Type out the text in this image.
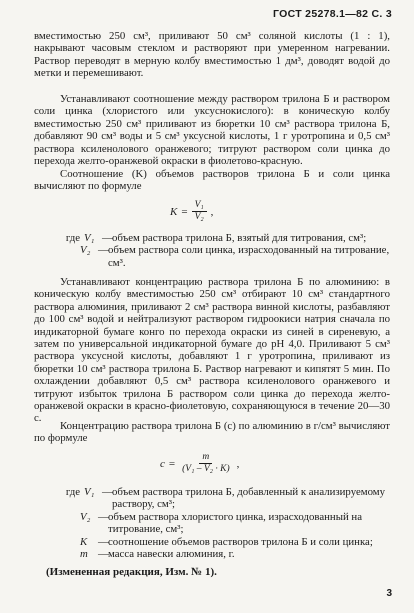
ГОСТ 25278.1—82 С. 3

вместимостью 250 см³, приливают 50 см³ соляной кислоты (1 : 1), накрывают часовым стеклом и растворяют при умеренном нагревании. Раствор переводят в мерную колбу вместимостью 1 дм³, доводят водой до метки и перемешивают.

Устанавливают соотношение между раствором трилона Б и раствором соли цинка (хлористого или уксуснокислого): в коническую колбу вместимостью 250 см³ приливают из бюретки 10 см³ раствора трилона Б, добавляют 90 см³ воды и 5 см³ уксусной кислоты, 1 г уротропина и 0,5 см³ раствора ксиленолового оранжевого; титруют раствором соли цинка до перехода желто-оранжевой окраски в фиолетово-красную.

Соотношение (K) объемов растворов трилона Б и соли цинка вычисляют по формуле

$K = \frac{\text{V₁}}{\text{V₂}}$ ,
где V₁ — объем раствора трилона Б, взятый для титрования, см³;
V₂ — объем раствора соли цинка, израсходованный на титрование, см³.

Устанавливают концентрацию раствора трилона Б по алюминию: в коническую колбу вместимостью 250 см³ отбирают 10 см³ стандартного раствора алюминия, приливают 2 см³ раствора винной кислоты, разбавляют до 100 см³ водой и нейтрализуют раствором гидроокиси натрия сначала по индикаторной бумаге конго по перехода окраски из синей в сиреневую, а затем по универсальной индикаторной бумаге до pH 4,0. Приливают 5 см³ раствора уксусной кислоты, добавляют 1 г уротропина, приливают из бюретки 10 см³ раствора трилона Б. Раствор нагревают и кипятят 5 мин. По охлаждении добавляют 0,5 см³ раствора ксиленолового оранжевого и титруют избыток трилона Б раствором соли цинка до перехода желто-оранжевой окраски в красно-фиолетовую, сохраняющуюся в течение 20—30 с.

Концентрацию раствора трилона Б (c) по алюминию в г/см³ вычисляют по формуле

$c = \frac{m}{\text{(V₁ – V₂ · K)}}$ ,
где V₁ — объем раствора трилона Б, добавленный к анализируемому раствору, см³;
V₂ — объем раствора хлористого цинка, израсходованный на титрование, см³;
K — соотношение объемов растворов трилона Б и соли цинка;
m — масса навески алюминия, г.
(Измененная редакция, Изм. № 1).
3
